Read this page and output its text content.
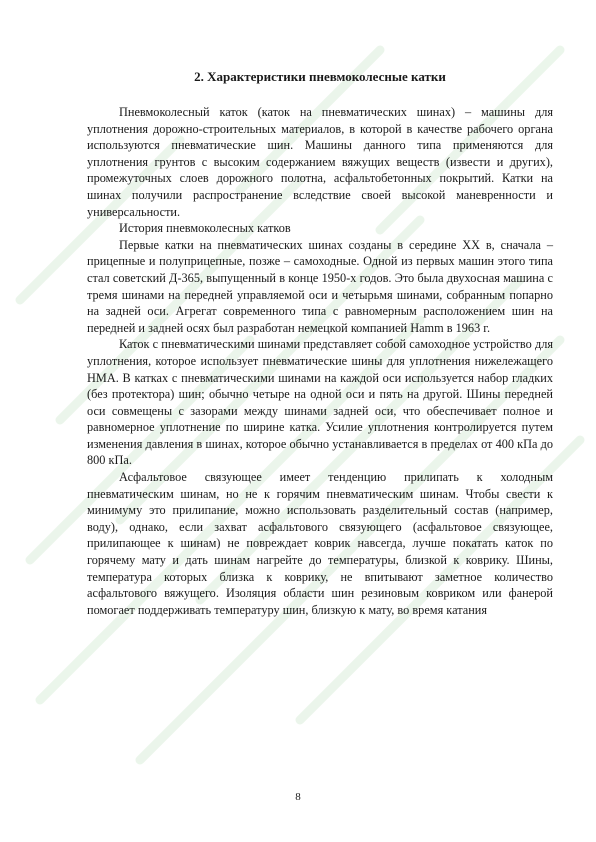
2. Характеристики пневмоколесные катки

Пневмоколесный каток (каток на пневматических шинах) – машины для уплотнения дорожно-строительных материалов, в которой в качестве рабочего органа используются пневматические шин. Машины данного типа применяются для уплотнения грунтов с высоким содержанием вяжущих веществ (извести и других), промежуточных слоев дорожного полотна, асфальтобетонных покрытий. Катки на шинах получили распространение вследствие своей высокой маневренности и универсальности.

История пневмоколесных катков

Первые катки на пневматических шинах созданы в середине XX в, сначала – прицепные и полуприцепные, позже – самоходные. Одной из первых машин этого типа стал советский Д-365, выпущенный в конце 1950-х годов. Это была двухосная машина с тремя шинами на передней управляемой оси и четырьмя шинами, собранным попарно на задней оси. Агрегат современного типа с равномерным расположением шин на передней и задней осях был разработан немецкой компанией Hamm в 1963 г.

Каток с пневматическими шинами представляет собой самоходное устройство для уплотнения, которое использует пневматические шины для уплотнения нижележащего НМА. В катках с пневматическими шинами на каждой оси используется набор гладких (без протектора) шин; обычно четыре на одной оси и пять на другой. Шины передней оси совмещены с зазорами между шинами задней оси, что обеспечивает полное и равномерное уплотнение по ширине катка. Усилие уплотнения контролируется путем изменения давления в шинах, которое обычно устанавливается в пределах от 400 кПа до 800 кПа.

Асфальтовое связующее имеет тенденцию прилипать к холодным пневматическим шинам, но не к горячим пневматическим шинам. Чтобы свести к минимуму это прилипание, можно использовать разделительный состав (например, воду), однако, если захват асфальтового связующего (асфальтовое связующее, прилипающее к шинам) не повреждает коврик навсегда, лучше покатать каток по горячему мату и дать шинам нагрейте до температуры, близкой к коврику. Шины, температура которых близка к коврику, не впитывают заметное количество асфальтового вяжущего. Изоляция области шин резиновым ковриком или фанерой помогает поддерживать температуру шин, близкую к мату, во время катания

8
